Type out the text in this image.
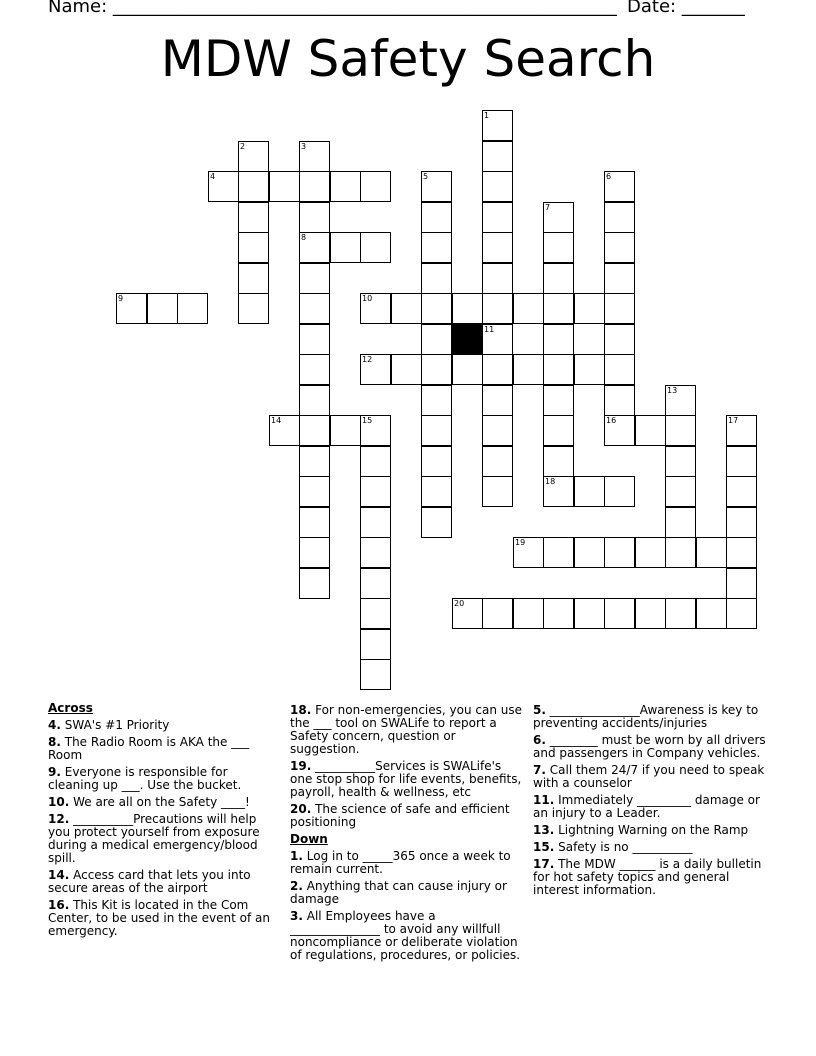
Name: ________________________________________________________ Date: _______
MDW Safety Search
4
8
9	10
12
14	15	16
18
19
20
1
11
2	3
5	6
7
13
17
Across
4. SWA's #1 Priority
8. The Radio Room is AKA the ___ Room
9. Everyone is responsible for cleaning up ___. Use the bucket.
10. We are all on the Safety ____!
12. __________Precautions will help you protect yourself from exposure during a medical emergency/blood spill.
14. Access card that lets you into secure areas of the airport
16. This Kit is located in the Com Center, to be used in the event of an emergency.
18. For non-emergencies, you can use the ___ tool on SWALife to report a Safety concern, question or suggestion.
19. __________Services is SWALife's one stop shop for life events, benefits, payroll, health & wellness, etc
20. The science of safe and efficient positioning
Down
1. Log in to _____365 once a week to remain current.
2. Anything that can cause injury or damage
3. All Employees have a _______________ to avoid any willfull noncompliance or deliberate violation of regulations, procedures, or policies.
5. _______________Awareness is key to preventing accidents/injuries
6. ________ must be worn by all drivers and passengers in Company vehicles.
7. Call them 24/7 if you need to speak with a counselor
11. Immediately _________ damage or an injury to a Leader.
13. Lightning Warning on the Ramp
15. Safety is no __________
17. The MDW ______ is a daily bulletin for hot safety topics and general interest information.
